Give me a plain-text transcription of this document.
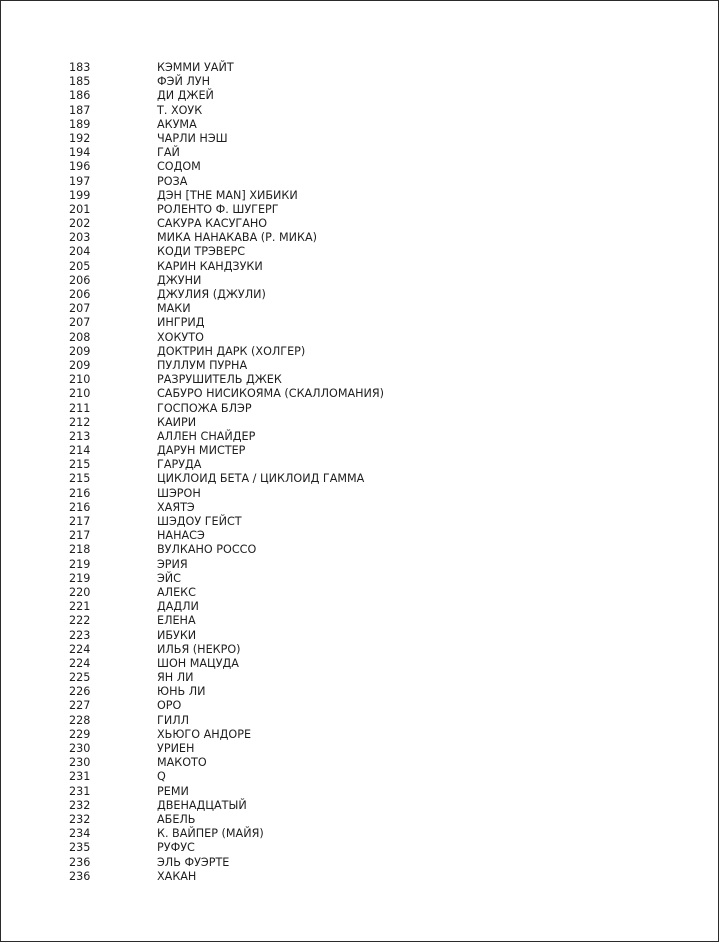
183	КЭММИ УАЙТ
185	ФЭЙ ЛУН
186	ДИ ДЖЕЙ
187	Т. ХОУК
189	АКУМА
192	ЧАРЛИ НЭШ
194	ГАЙ
196	СОДОМ
197	РОЗА
199	ДЭН [THE MAN] ХИБИКИ
201	РОЛЕНТО Ф. ШУГЕРГ
202	САКУРА КАСУГАНО
203	МИКА НАНАКАВА (Р. МИКА)
204	КОДИ ТРЭВЕРС
205	КАРИН КАНДЗУКИ
206	ДЖУНИ
206	ДЖУЛИЯ (ДЖУЛИ)
207	МАКИ
207	ИНГРИД
208	ХОКУТО
209	ДОКТРИН ДАРК (ХОЛГЕР)
209	ПУЛЛУМ ПУРНА
210	РАЗРУШИТЕЛЬ ДЖЕК
210	САБУРО НИСИКОЯМА (СКАЛЛОМАНИЯ)
211	ГОСПОЖА БЛЭР
212	КАИРИ
213	АЛЛЕН СНАЙДЕР
214	ДАРУН МИСТЕР
215	ГАРУДА
215	ЦИКЛОИД БЕТА / ЦИКЛОИД ГАММА
216	ШЭРОН
216	ХАЯТЭ
217	ШЭДОУ ГЕЙСТ
217	НАНАСЭ
218	ВУЛКАНО РОССО
219	ЭРИЯ
219	ЭЙС
220	АЛЕКС
221	ДАДЛИ
222	ЕЛЕНА
223	ИБУКИ
224	ИЛЬЯ (НЕКРО)
224	ШОН МАЦУДА
225	ЯН ЛИ
226	ЮНЬ ЛИ
227	ОРО
228	ГИЛЛ
229	ХЬЮГО АНДОРЕ
230	УРИЕН
230	МАКОТО
231	Q
231	РЕМИ
232	ДВЕНАДЦАТЫЙ
232	АБЕЛЬ
234	К. ВАЙПЕР (МАЙЯ)
235	РУФУС
236	ЭЛЬ ФУЭРТЕ
236	ХАКАН
